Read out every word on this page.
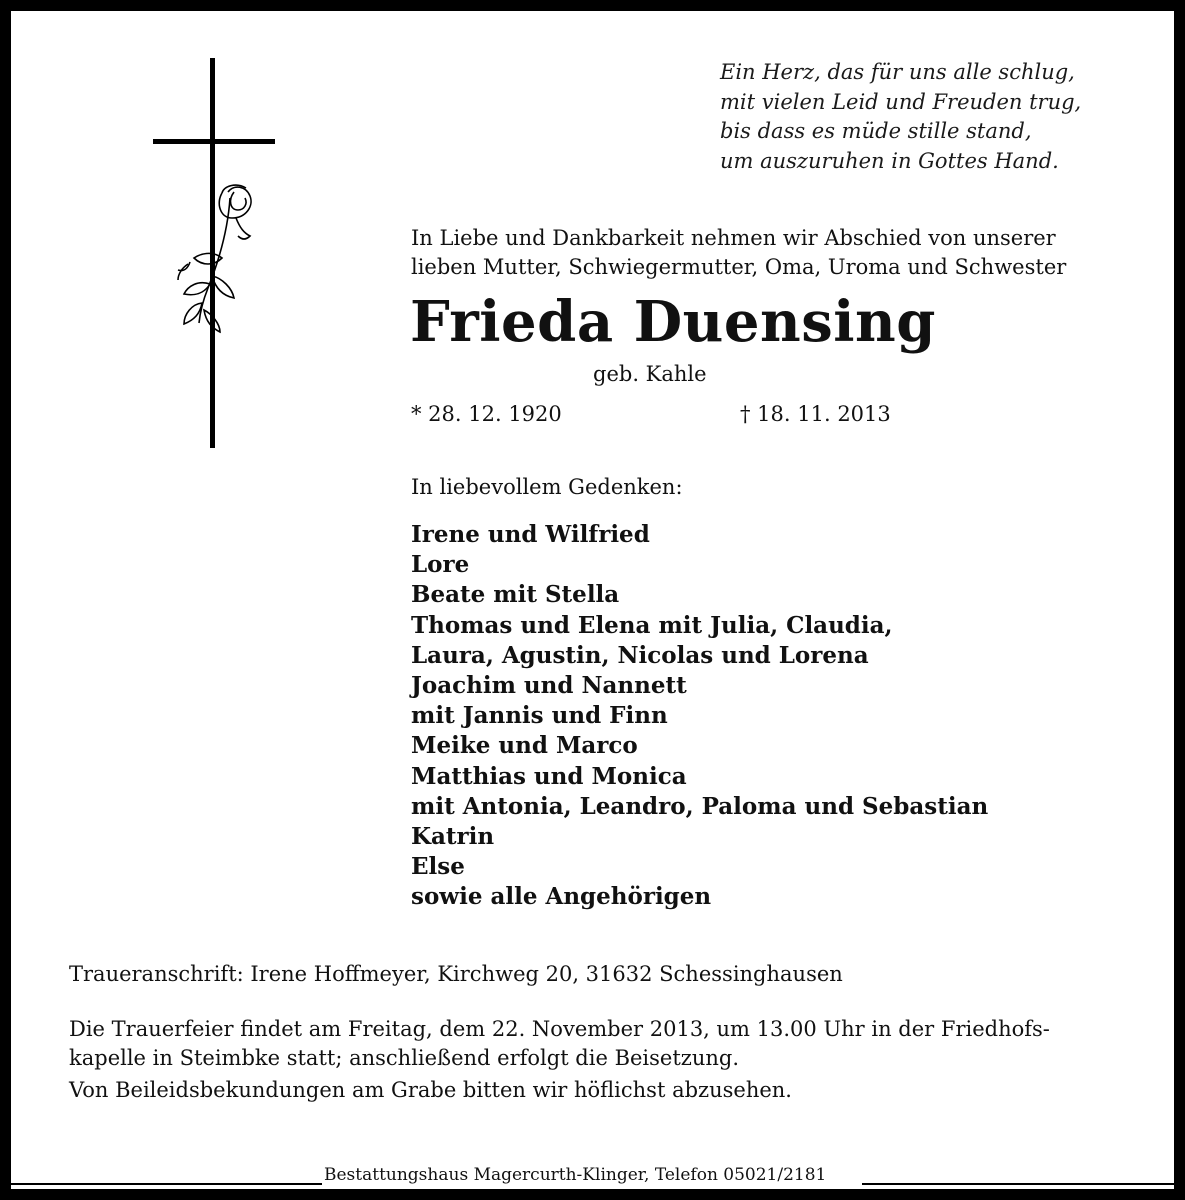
Ein Herz, das für uns alle schlug,
mit vielen Leid und Freuden trug,
bis dass es müde stille stand,
um auszuruhen in Gottes Hand.
In Liebe und Dankbarkeit nehmen wir Abschied von unserer
lieben Mutter, Schwiegermutter, Oma, Uroma und Schwester
Frieda Duensing
geb. Kahle
* 28. 12. 1920	† 18. 11. 2013
In liebevollem Gedenken:
Irene und Wilfried
Lore
Beate mit Stella
Thomas und Elena mit Julia, Claudia,
Laura, Agustin, Nicolas und Lorena
Joachim und Nannett
mit Jannis und Finn
Meike und Marco
Matthias und Monica
mit Antonia, Leandro, Paloma und Sebastian
Katrin
Else
sowie alle Angehörigen
Traueranschrift: Irene Hoffmeyer, Kirchweg 20, 31632 Schessinghausen
Die Trauerfeier findet am Freitag, dem 22. November 2013, um 13.00 Uhr in der Friedhofs-
kapelle in Steimbke statt; anschließend erfolgt die Beisetzung.
Von Beileidsbekundungen am Grabe bitten wir höflichst abzusehen.
Bestattungshaus Magercurth-Klinger, Telefon 05021/2181
